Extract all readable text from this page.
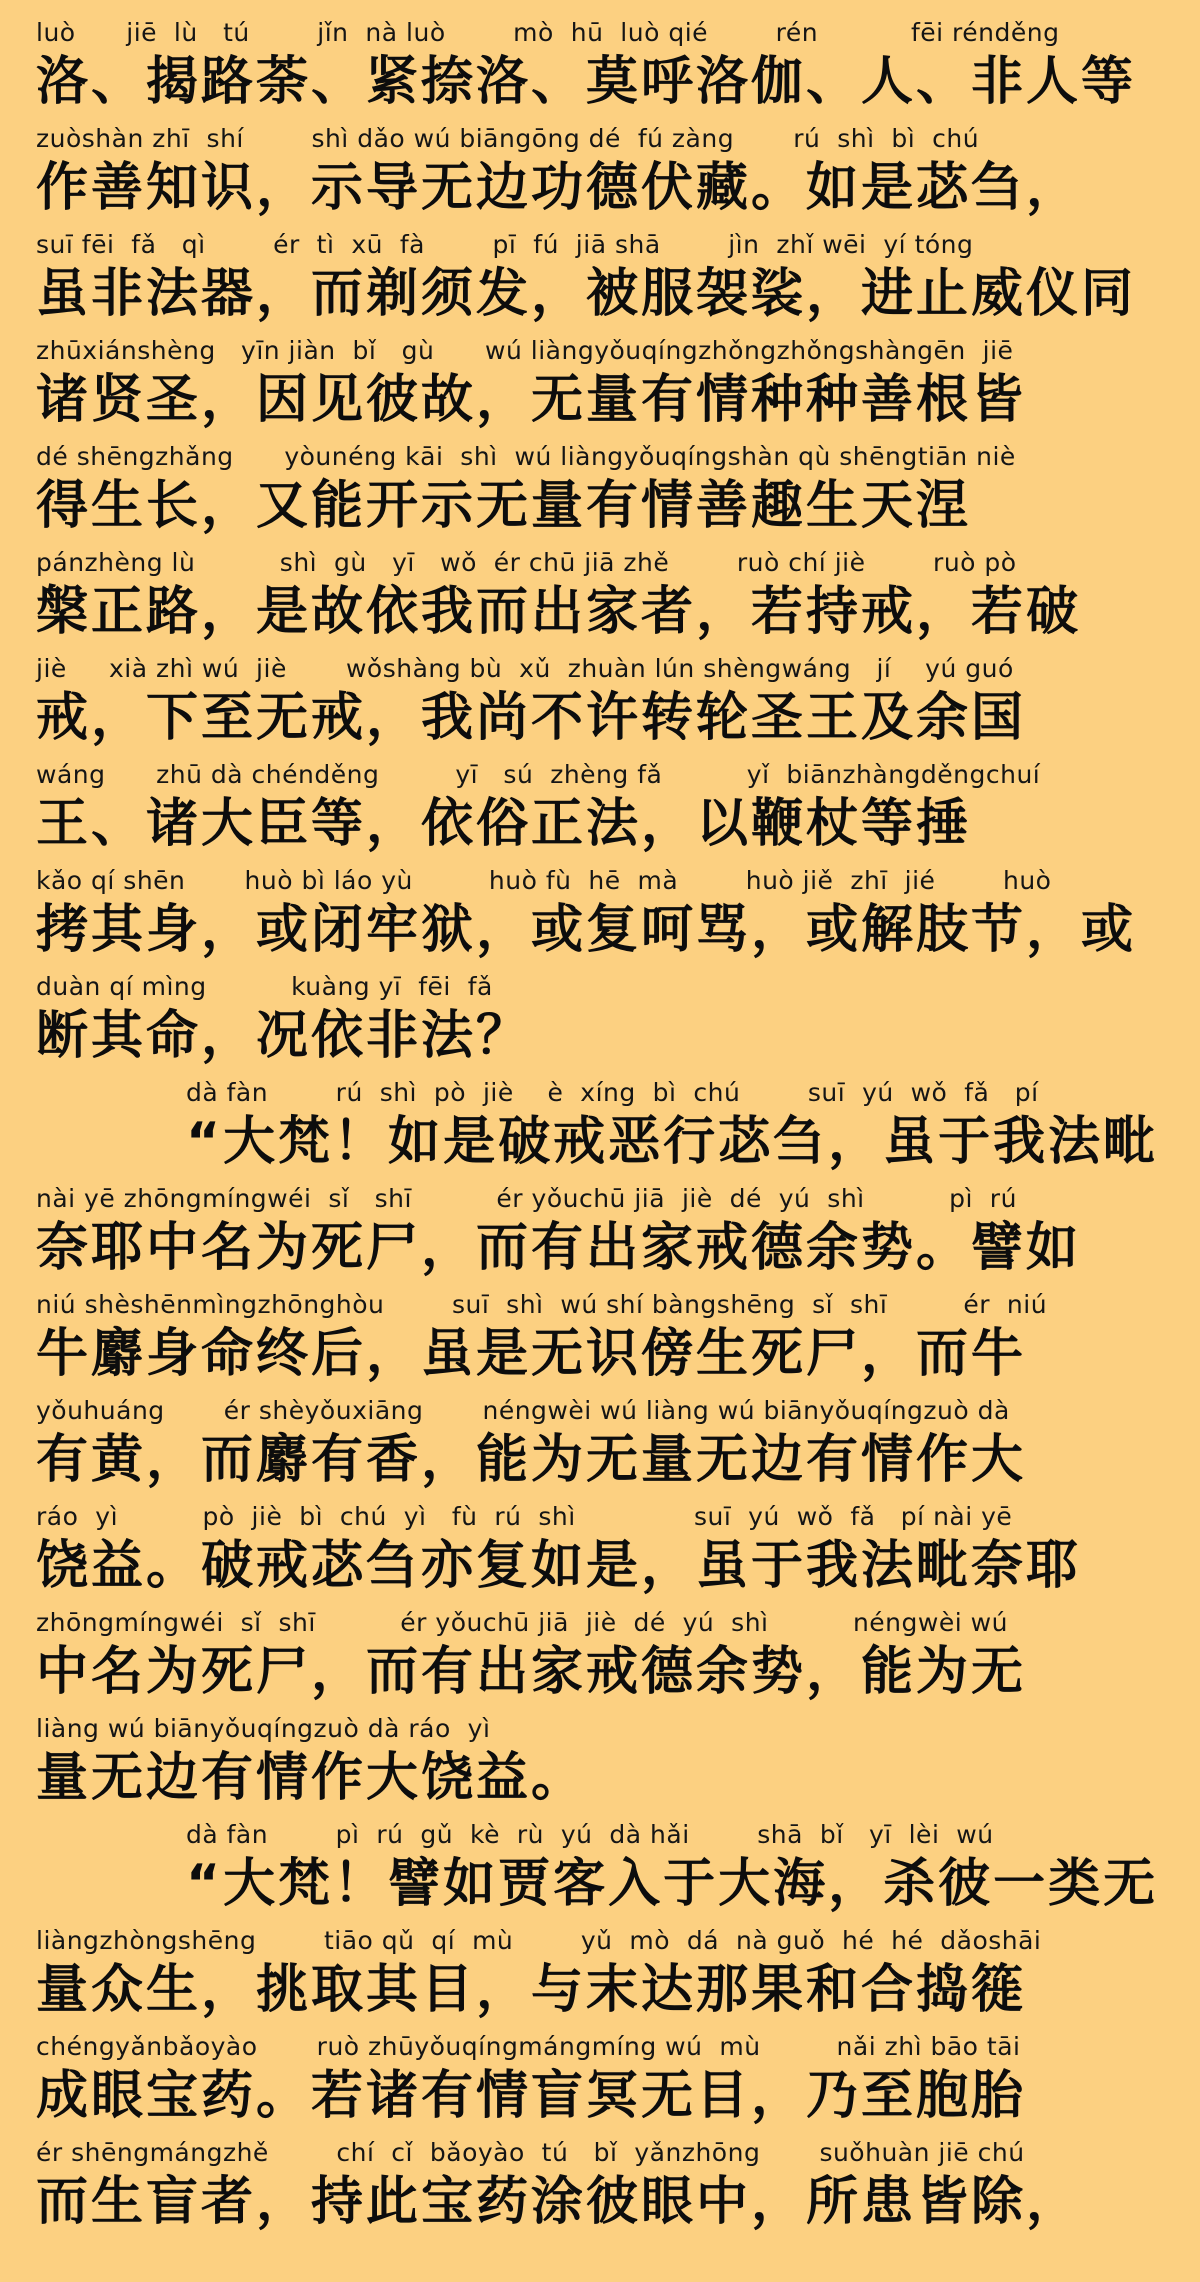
luò      jiē  lù   tú        jǐn  nà luò        mò  hū  luò qié        rén           fēi rénděng
洛、揭路荼、紧捺洛、莫呼洛伽、人、非人等
zuòshàn zhī  shí        shì dǎo wú biāngōng dé  fú zàng       rú  shì  bì  chú
作善知识，示导无边功德伏藏。如是苾刍，
suī fēi  fǎ   qì        ér  tì  xū  fà        pī  fú  jiā shā        jìn  zhǐ wēi  yí tóng
虽非法器，而剃须发，被服袈裟，进止威仪同
zhūxiánshèng   yīn jiàn  bǐ   gù      wú liàngyǒuqíngzhǒngzhǒngshàngēn  jiē
诸贤圣，因见彼故，无量有情种种善根皆
dé shēngzhǎng      yòunéng kāi  shì  wú liàngyǒuqíngshàn qù shēngtiān niè
得生长，又能开示无量有情善趣生天涅
pánzhèng lù          shì  gù   yī   wǒ  ér chū jiā zhě        ruò chí jiè        ruò pò
槃正路，是故依我而出家者，若持戒，若破
jiè     xià zhì wú  jiè       wǒshàng bù  xǔ  zhuàn lún shèngwáng   jí    yú guó
戒，下至无戒，我尚不许转轮圣王及余国
wáng      zhū dà chénděng         yī   sú  zhèng fǎ          yǐ  biānzhàngděngchuí
王、诸大臣等，依俗正法，以鞭杖等捶
kǎo qí shēn       huò bì láo yù         huò fù  hē  mà        huò jiě  zhī  jié        huò
拷其身，或闭牢狱，或复呵骂，或解肢节，或
duàn qí mìng          kuàng yī  fēi  fǎ
断其命，况依非法？
dà fàn        rú  shì  pò  jiè    è  xíng  bì  chú        suī  yú  wǒ  fǎ   pí
“大梵！如是破戒恶行苾刍，虽于我法毗
nài yē zhōngmíngwéi  sǐ   shī          ér yǒuchū jiā  jiè  dé  yú  shì          pì  rú
奈耶中名为死尸，而有出家戒德余势。譬如
niú shèshēnmìngzhōnghòu        suī  shì  wú shí bàngshēng  sǐ  shī         ér  niú
牛麝身命终后，虽是无识傍生死尸，而牛
yǒuhuáng       ér shèyǒuxiāng       néngwèi wú liàng wú biānyǒuqíngzuò dà
有黄，而麝有香，能为无量无边有情作大
ráo  yì          pò  jiè  bì  chú  yì   fù  rú  shì              suī  yú  wǒ  fǎ   pí nài yē
饶益。破戒苾刍亦复如是，虽于我法毗奈耶
zhōngmíngwéi  sǐ  shī          ér yǒuchū jiā  jiè  dé  yú  shì          néngwèi wú
中名为死尸，而有出家戒德余势，能为无
liàng wú biānyǒuqíngzuò dà ráo  yì
量无边有情作大饶益。
dà fàn        pì  rú  gǔ  kè  rù  yú  dà hǎi        shā  bǐ   yī  lèi  wú
“大梵！譬如贾客入于大海，杀彼一类无
liàngzhòngshēng        tiāo qǔ  qí  mù        yǔ  mò  dá  nà guǒ  hé  hé  dǎoshāi
量众生，挑取其目，与末达那果和合捣簁
chéngyǎnbǎoyào       ruò zhūyǒuqíngmángmíng wú  mù         nǎi zhì bāo tāi
成眼宝药。若诸有情盲冥无目，乃至胞胎
ér shēngmángzhě        chí  cǐ  bǎoyào  tú   bǐ  yǎnzhōng       suǒhuàn jiē chú
而生盲者，持此宝药涂彼眼中，所患皆除，
